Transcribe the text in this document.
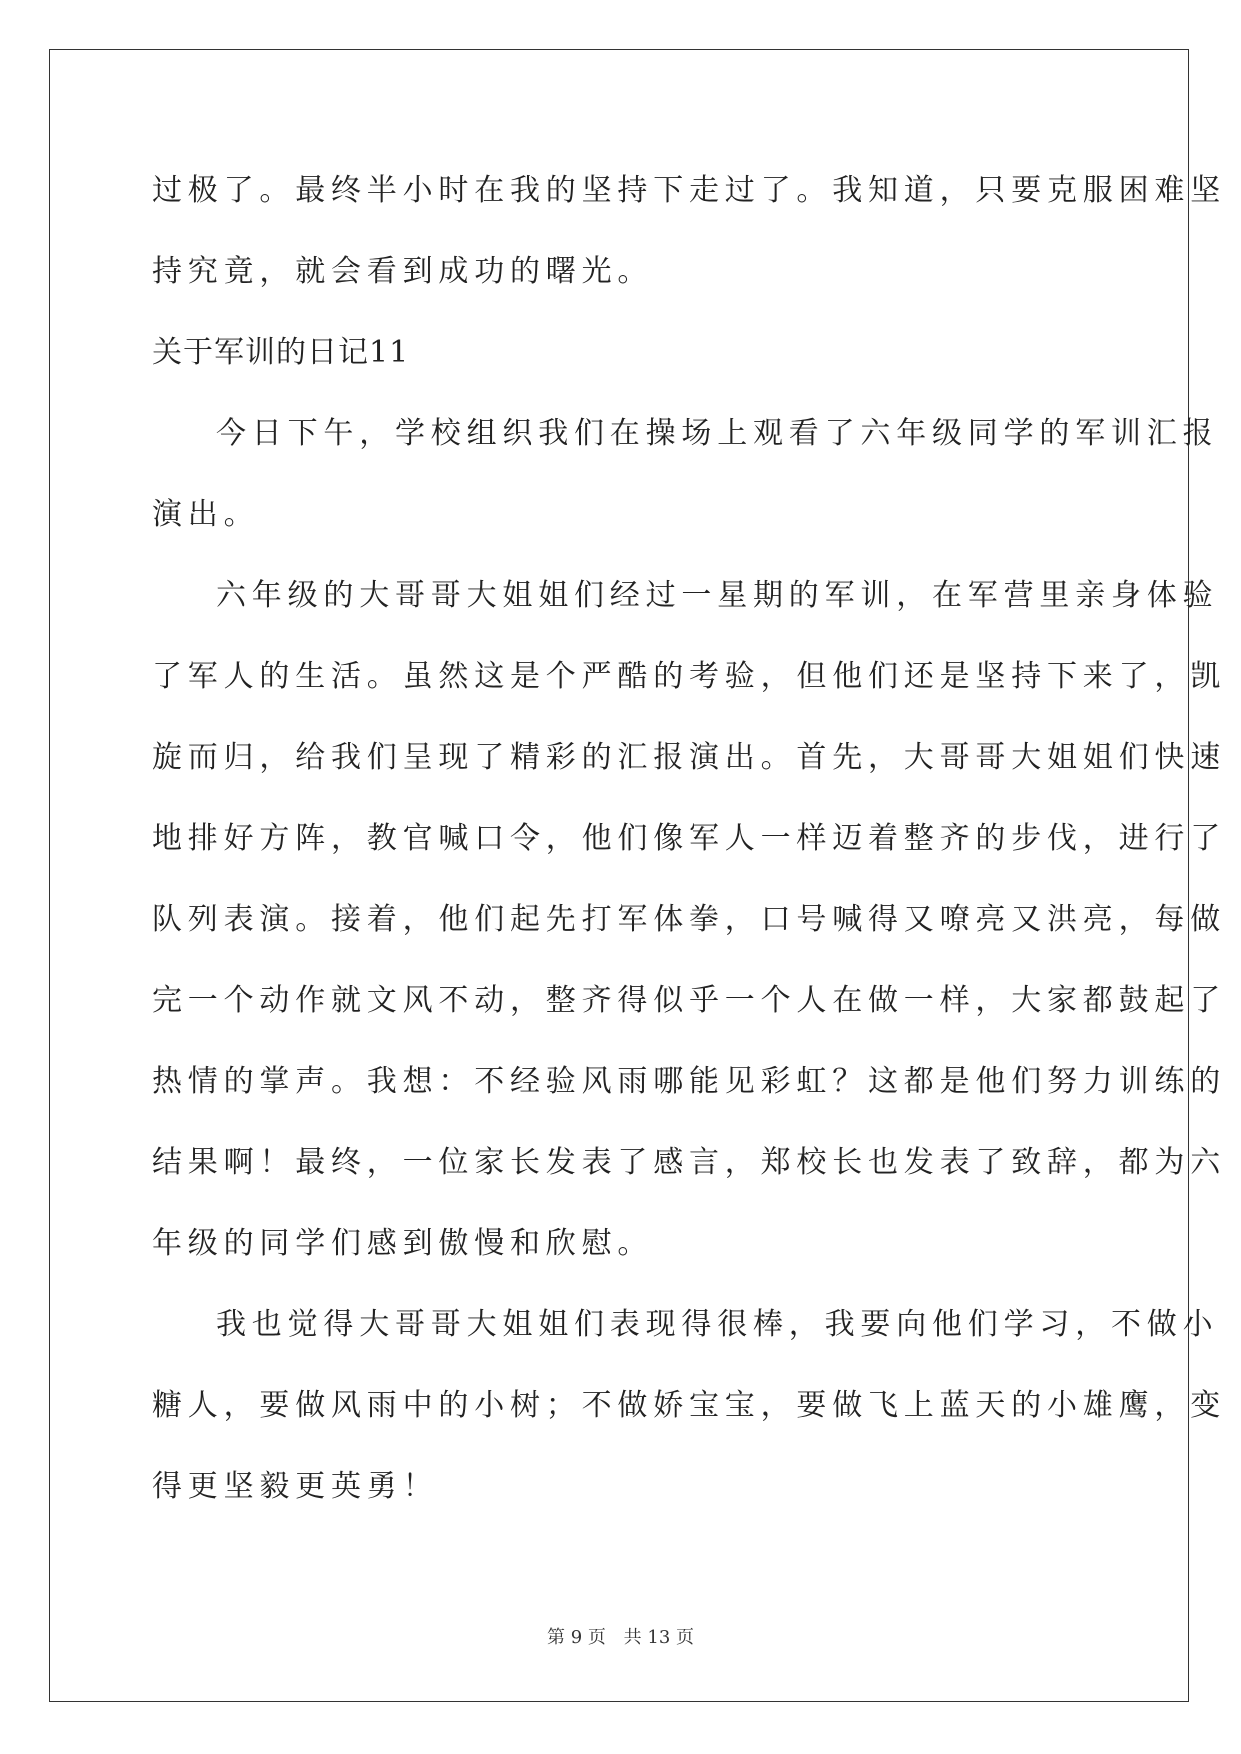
过极了。最终半小时在我的坚持下走过了。我知道，只要克服困难坚
持究竟，就会看到成功的曙光。
关于军训的日记11
今日下午，学校组织我们在操场上观看了六年级同学的军训汇报
演出。
六年级的大哥哥大姐姐们经过一星期的军训，在军营里亲身体验
了军人的生活。虽然这是个严酷的考验，但他们还是坚持下来了，凯
旋而归，给我们呈现了精彩的汇报演出。首先，大哥哥大姐姐们快速
地排好方阵，教官喊口令，他们像军人一样迈着整齐的步伐，进行了
队列表演。接着，他们起先打军体拳，口号喊得又嘹亮又洪亮，每做
完一个动作就文风不动，整齐得似乎一个人在做一样，大家都鼓起了
热情的掌声。我想：不经验风雨哪能见彩虹？这都是他们努力训练的
结果啊！最终，一位家长发表了感言，郑校长也发表了致辞，都为六
年级的同学们感到傲慢和欣慰。
我也觉得大哥哥大姐姐们表现得很棒，我要向他们学习，不做小
糖人，要做风雨中的小树；不做娇宝宝，要做飞上蓝天的小雄鹰，变
得更坚毅更英勇！
第 9 页 共 13 页
